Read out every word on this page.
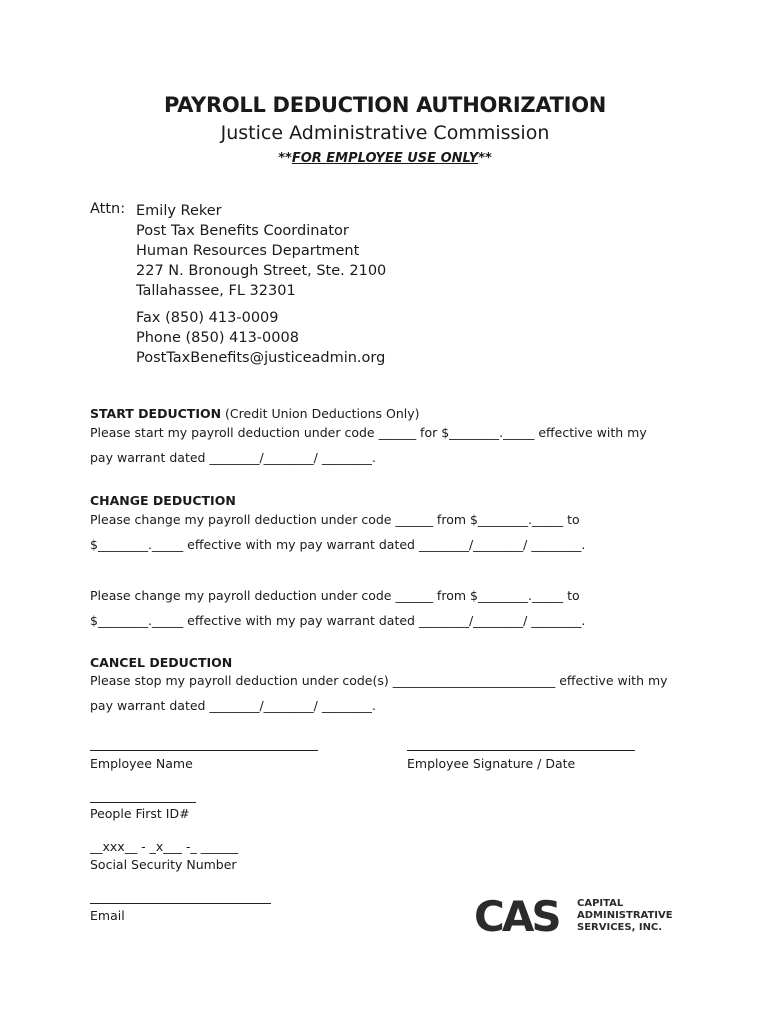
PAYROLL DEDUCTION AUTHORIZATION
Justice Administrative Commission
**FOR EMPLOYEE USE ONLY**
Attn: Emily Reker
Post Tax Benefits Coordinator
Human Resources Department
227 N. Bronough Street, Ste. 2100
Tallahassee, FL 32301
Fax (850) 413-0009
Phone (850) 413-0008
PostTaxBenefits@justiceadmin.org
START DEDUCTION (Credit Union Deductions Only)
Please start my payroll deduction under code ______ for $________._____ effective with my
pay warrant dated ________/________/ ________.
CHANGE DEDUCTION
Please change my payroll deduction under code ______ from $________._____ to
$________._____ effective with my pay warrant dated ________/________/ ________.
Please change my payroll deduction under code ______ from $________._____ to
$________._____ effective with my pay warrant dated ________/________/ ________.
CANCEL DEDUCTION
Please stop my payroll deduction under code(s) __________________________ effective with my
pay warrant dated ________/________/ ________.
Employee Name	Employee Signature / Date
People First ID#
__xxx__ - _x___ -_ ______
Social Security Number
Email	CAS CAPITAL
ADMINISTRATIVE
SERVICES, INC.
